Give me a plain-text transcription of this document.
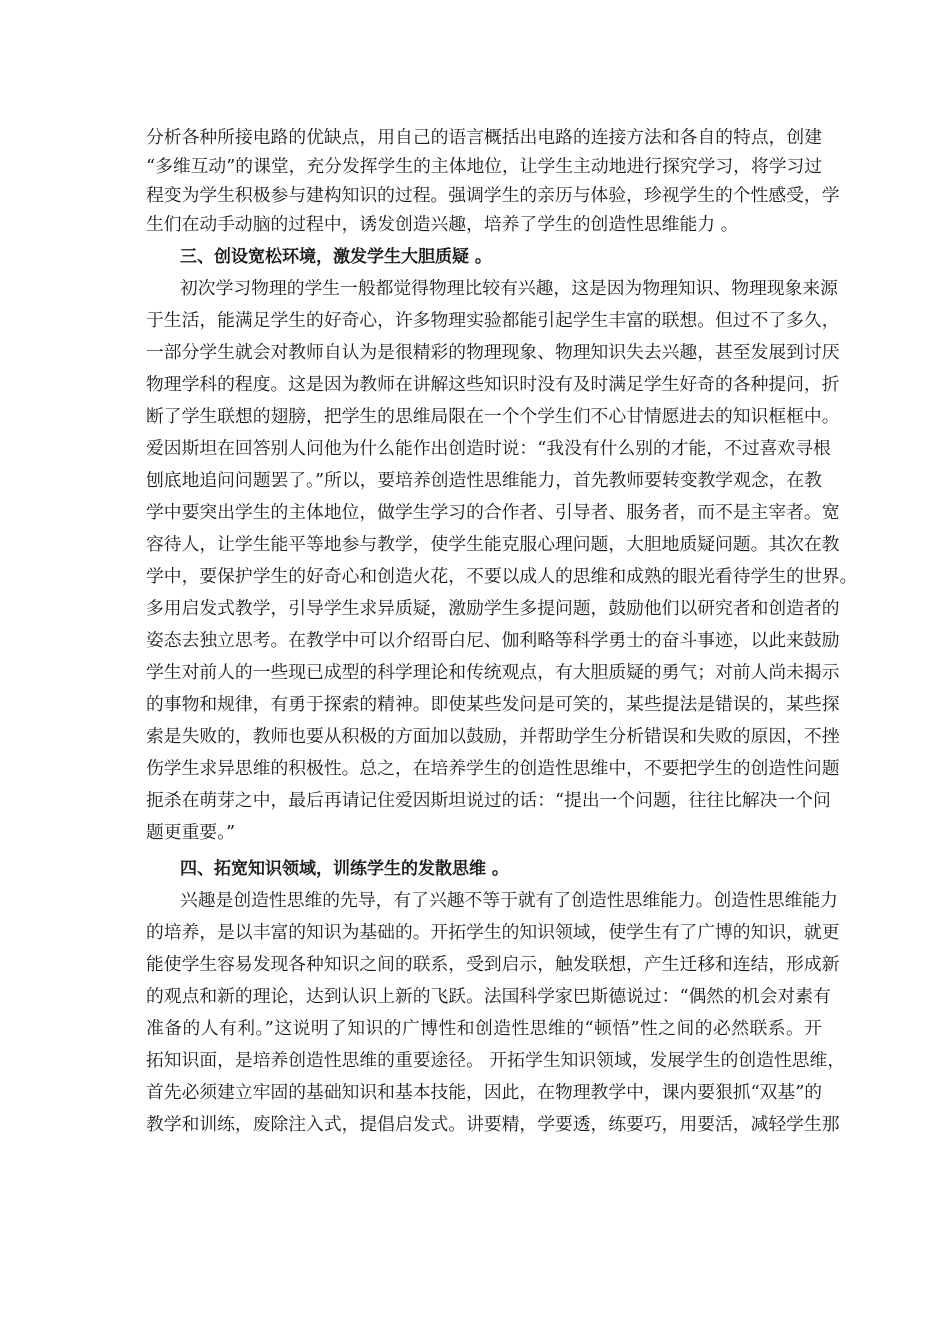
分析各种所接电路的优缺点，用自己的语言概括出电路的连接方法和各自的特点，创建

“多维互动”的课堂，充分发挥学生的主体地位，让学生主动地进行探究学习，将学习过

程变为学生积极参与建构知识的过程。强调学生的亲历与体验，珍视学生的个性感受，学

生们在动手动脑的过程中，诱发创造兴趣，培养了学生的创造性思维能力 。

三、创设宽松环境，激发学生大胆质疑 。

初次学习物理的学生一般都觉得物理比较有兴趣，这是因为物理知识、物理现象来源

于生活，能满足学生的好奇心，许多物理实验都能引起学生丰富的联想。但过不了多久，

一部分学生就会对教师自认为是很精彩的物理现象、物理知识失去兴趣，甚至发展到讨厌

物理学科的程度。这是因为教师在讲解这些知识时没有及时满足学生好奇的各种提问，折

断了学生联想的翅膀，把学生的思维局限在一个个学生们不心甘情愿进去的知识框框中。

爱因斯坦在回答别人问他为什么能作出创造时说：“我没有什么别的才能，不过喜欢寻根

刨底地追问问题罢了。”所以，要培养创造性思维能力，首先教师要转变教学观念，在教

学中要突出学生的主体地位，做学生学习的合作者、引导者、服务者，而不是主宰者。宽

容待人，让学生能平等地参与教学，使学生能克服心理问题，大胆地质疑问题。其次在教

学中，要保护学生的好奇心和创造火花，不要以成人的思维和成熟的眼光看待学生的世界。

多用启发式教学，引导学生求异质疑，激励学生多提问题，鼓励他们以研究者和创造者的

姿态去独立思考。在教学中可以介绍哥白尼、伽利略等科学勇士的奋斗事迹，以此来鼓励

学生对前人的一些现已成型的科学理论和传统观点，有大胆质疑的勇气；对前人尚未揭示

的事物和规律，有勇于探索的精神。即使某些发问是可笑的，某些提法是错误的，某些探

索是失败的，教师也要从积极的方面加以鼓励，并帮助学生分析错误和失败的原因，不挫

伤学生求异思维的积极性。总之，在培养学生的创造性思维中，不要把学生的创造性问题

扼杀在萌芽之中，最后再请记住爱因斯坦说过的话：“提出一个问题，往往比解决一个问

题更重要。”

四、拓宽知识领域，训练学生的发散思维 。

兴趣是创造性思维的先导，有了兴趣不等于就有了创造性思维能力。创造性思维能力

的培养，是以丰富的知识为基础的。开拓学生的知识领域，使学生有了广博的知识，就更

能使学生容易发现各种知识之间的联系，受到启示，触发联想，产生迁移和连结，形成新

的观点和新的理论，达到认识上新的飞跃。法国科学家巴斯德说过：“偶然的机会对素有

准备的人有利。”这说明了知识的广博性和创造性思维的“顿悟”性之间的必然联系。开

拓知识面，是培养创造性思维的重要途径。 开拓学生知识领域，发展学生的创造性思维，

首先必须建立牢固的基础知识和基本技能，因此，在物理教学中，课内要狠抓“双基”的

教学和训练，废除注入式，提倡启发式。讲要精，学要透，练要巧，用要活，减轻学生那
